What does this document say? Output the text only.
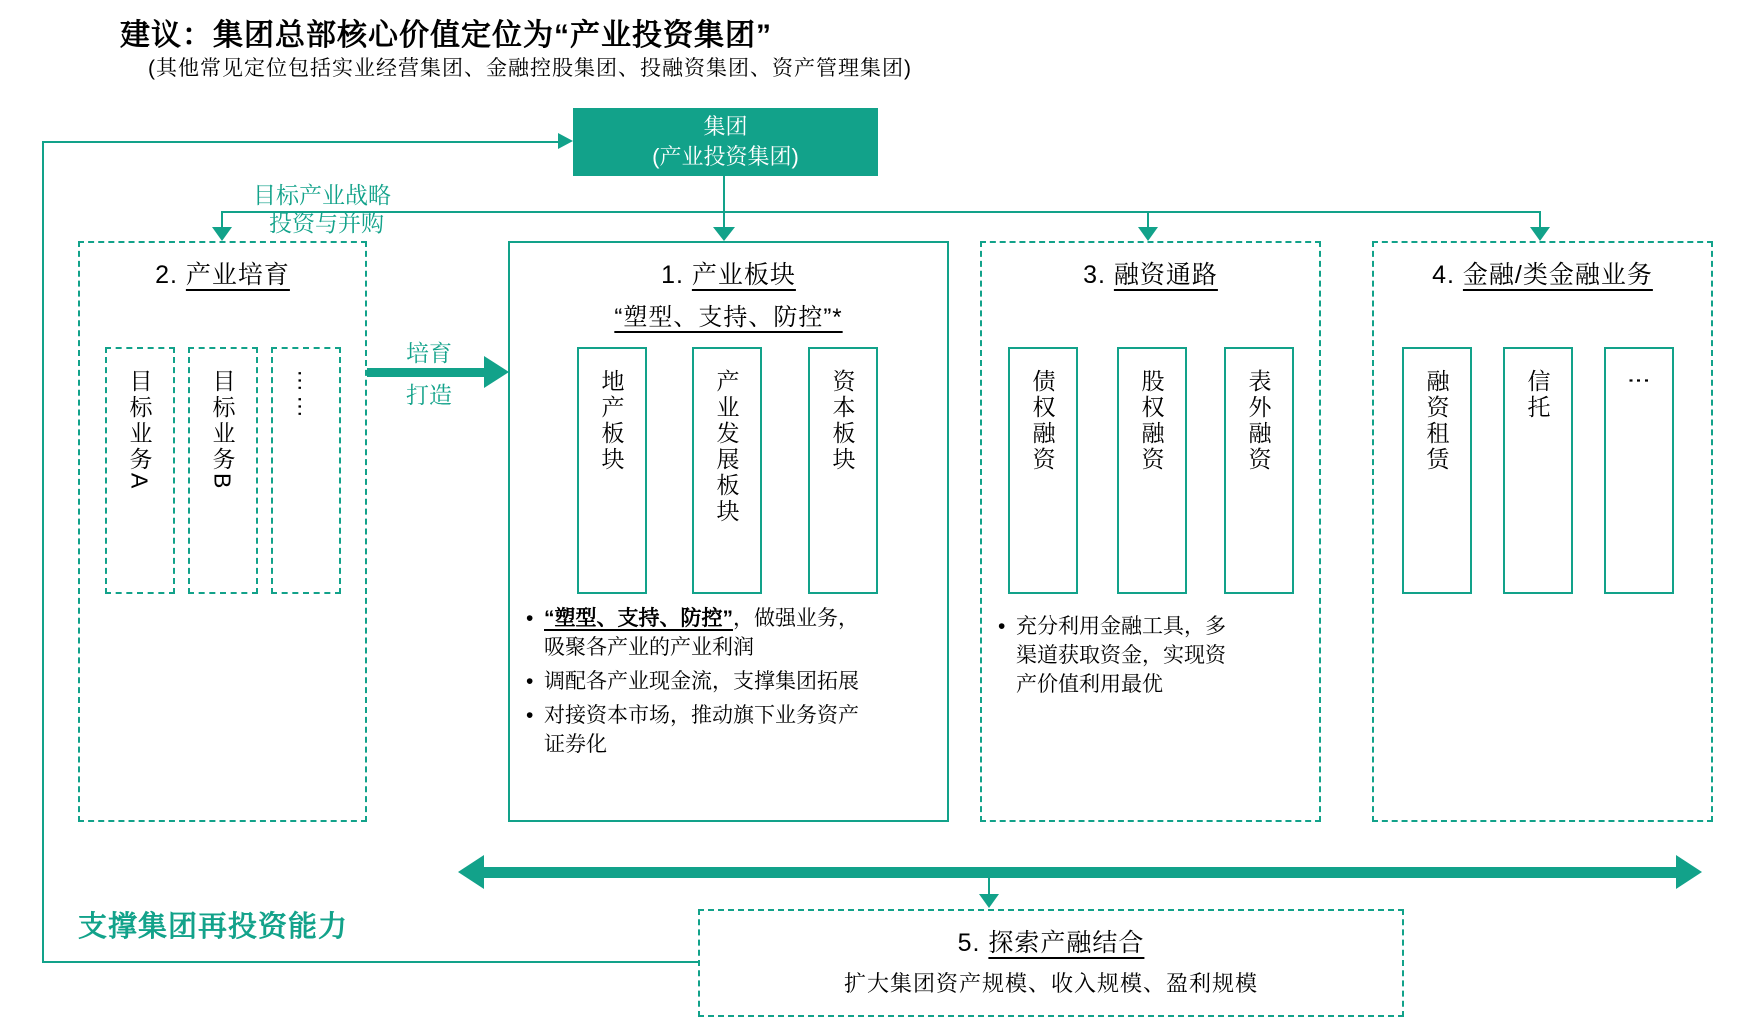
建议：集团总部核心价值定位为“产业投资集团”
(其他常见定位包括实业经营集团、金融控股集团、投融资集团、资产管理集团)
目标产业战略
投资与并购
集团
(产业投资集团)
培育
打造
2. 产业培育
目标业务A 目标业务B	……
1. 产业板块
“塑型、支持、防控”*
地产板块	产业发展板块	资本板块
• “塑型、支持、防控”，做强业务，吸聚各产业的产业利润
• 调配各产业现金流，支撑集团拓展
• 对接资本市场，推动旗下业务资产证券化
3. 融资通路
债权融资	股权融资	表外融资
• 充分利用金融工具，多渠道获取资金，实现资产价值利用最优
4. 金融/类金融业务
融资租赁	信托	⋮
支撑集团再投资能力	5. 探索产融结合
扩大集团资产规模、收入规模、盈利规模
